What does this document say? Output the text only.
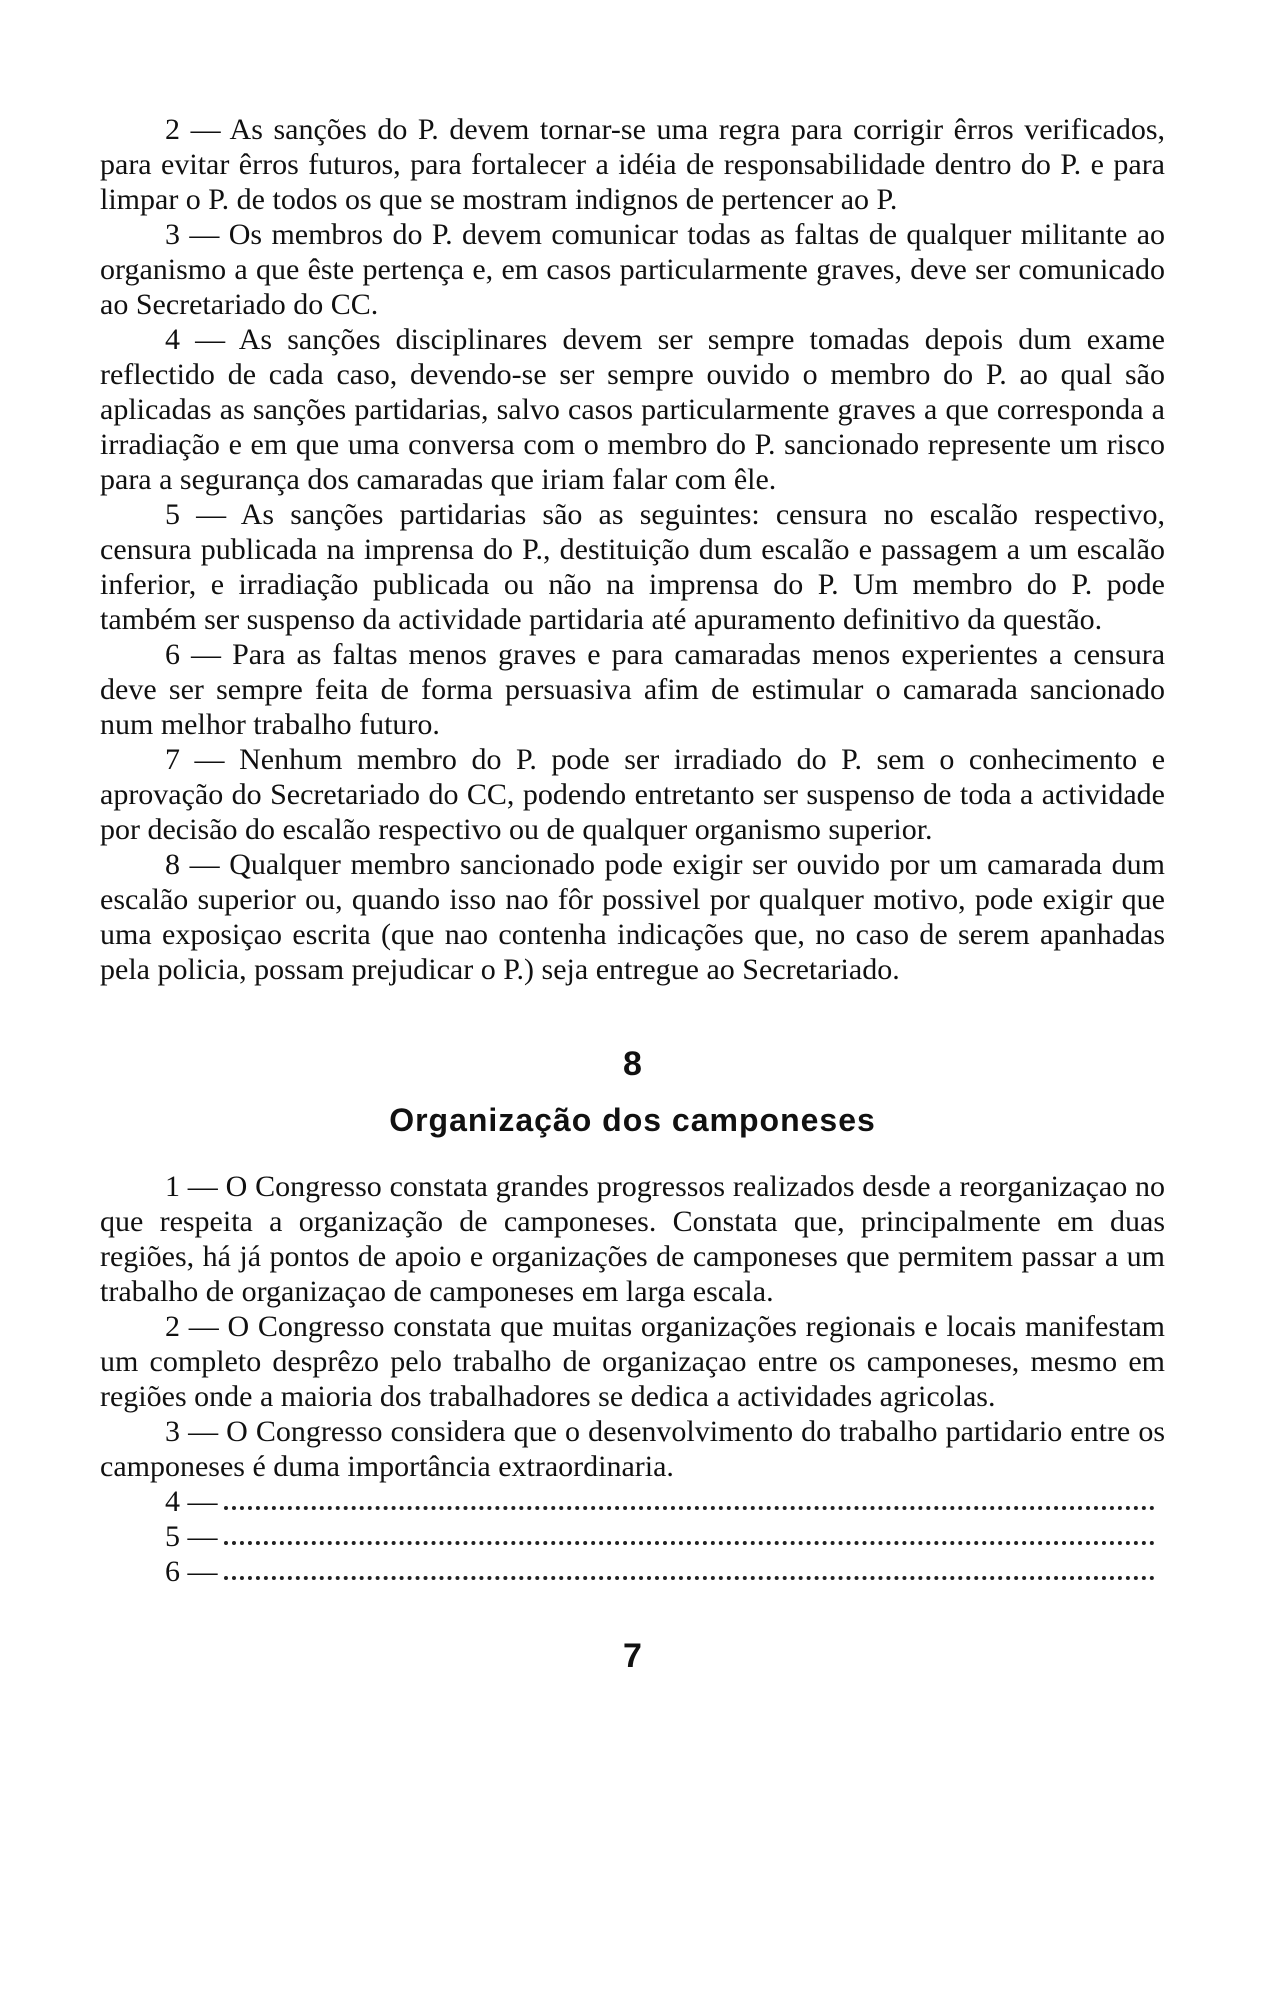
2 — As sanções do P. devem tornar-se uma regra para corrigir êrros verificados, para evitar êrros futuros, para fortalecer a idéia de responsabilidade dentro do P. e para limpar o P. de todos os que se mostram indignos de pertencer ao P.

3 — Os membros do P. devem comunicar todas as faltas de qualquer militante ao organismo a que êste pertença e, em casos particularmente graves, deve ser comunicado ao Secretariado do CC.

4 — As sanções disciplinares devem ser sempre tomadas depois dum exame reflectido de cada caso, devendo-se ser sempre ouvido o membro do P. ao qual são aplicadas as sanções partidarias, salvo casos particularmente graves a que corresponda a irradiação e em que uma conversa com o membro do P. sancionado represente um risco para a segurança dos camaradas que iriam falar com êle.

5 — As sanções partidarias são as seguintes: censura no escalão respectivo, censura publicada na imprensa do P., destituição dum escalão e passagem a um escalão inferior, e irradiação publicada ou não na imprensa do P. Um membro do P. pode também ser suspenso da actividade partidaria até apuramento definitivo da questão.

6 — Para as faltas menos graves e para camaradas menos experientes a censura deve ser sempre feita de forma persuasiva afim de estimular o camarada sancionado num melhor trabalho futuro.

7 — Nenhum membro do P. pode ser irradiado do P. sem o conhecimento e aprovação do Secretariado do CC, podendo entretanto ser suspenso de toda a actividade por decisão do escalão respectivo ou de qualquer organismo superior.

8 — Qualquer membro sancionado pode exigir ser ouvido por um camarada dum escalão superior ou, quando isso nao fôr possivel por qualquer motivo, pode exigir que uma exposiçao escrita (que nao contenha indicações que, no caso de serem apanhadas pela policia, possam prejudicar o P.) seja entregue ao Secretariado.

8
Organização dos camponeses

1 — O Congresso constata grandes progressos realizados desde a reorganizaçao no que respeita a organização de camponeses. Constata que, principalmente em duas regiões, há já pontos de apoio e organizações de camponeses que permitem passar a um trabalho de organizaçao de camponeses em larga escala.

2 — O Congresso constata que muitas organizações regionais e locais manifestam um completo desprêzo pelo trabalho de organizaçao entre os camponeses, mesmo em regiões onde a maioria dos trabalhadores se dedica a actividades agricolas.

3 — O Congresso considera que o desenvolvimento do trabalho partidario entre os camponeses é duma importância extraordinaria.

4 —
5 —
6 —
7
